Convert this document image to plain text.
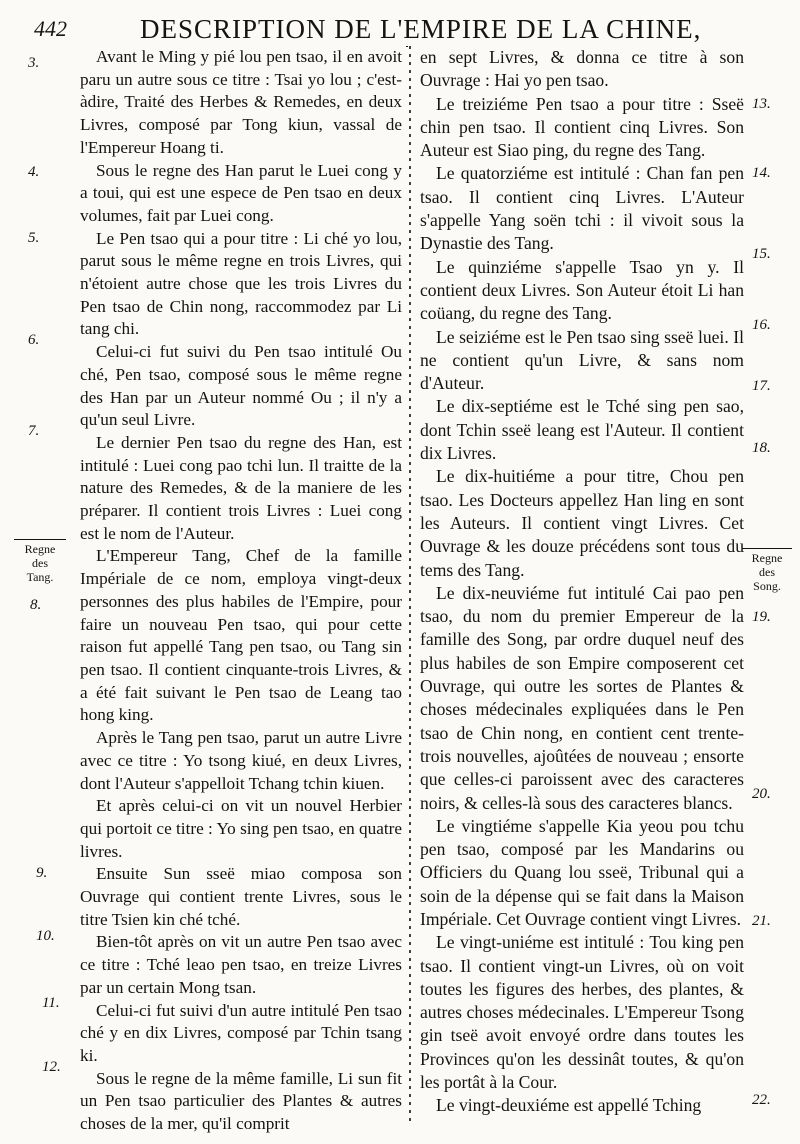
442	DESCRIPTION DE L'EMPIRE DE LA CHINE,
3.
4.
5.
6.
7.
Regne
des
Tang.
8.
9.
10.
11.
12.
13.
14.
15.
16.
17.
18.
Regne
des
Song.
19.
20.
21.
22.

Avant le Ming y pié lou pen tsao, il en avoit paru un autre sous ce titre : Tsai yo lou ; c'est-àdire, Traité des Herbes & Remedes, en deux Livres, composé par Tong kiun, vassal de l'Empereur Hoang ti.

Sous le regne des Han parut le Luei cong y a toui, qui est une espece de Pen tsao en deux volumes, fait par Luei cong.

Le Pen tsao qui a pour titre : Li ché yo lou, parut sous le même regne en trois Livres, qui n'étoient autre chose que les trois Livres du Pen tsao de Chin nong, raccommodez par Li tang chi.

Celui-ci fut suivi du Pen tsao intitulé Ou ché, Pen tsao, composé sous le même regne des Han par un Auteur nommé Ou ; il n'y a qu'un seul Livre.

Le dernier Pen tsao du regne des Han, est intitulé : Luei cong pao tchi lun. Il traitte de la nature des Remedes, & de la maniere de les préparer. Il contient trois Livres : Luei cong est le nom de l'Auteur.

L'Empereur Tang, Chef de la famille Impériale de ce nom, employa vingt-deux personnes des plus habiles de l'Empire, pour faire un nouveau Pen tsao, qui pour cette raison fut appellé Tang pen tsao, ou Tang sin pen tsao. Il contient cinquante-trois Livres, & a été fait suivant le Pen tsao de Leang tao hong king.

Après le Tang pen tsao, parut un autre Livre avec ce titre : Yo tsong kiué, en deux Livres, dont l'Auteur s'appelloit Tchang tchin kiuen.

Et après celui-ci on vit un nouvel Herbier qui portoit ce titre : Yo sing pen tsao, en quatre livres.

Ensuite Sun sseë miao composa son Ouvrage qui contient trente Livres, sous le titre Tsien kin ché tché.

Bien-tôt après on vit un autre Pen tsao avec ce titre : Tché leao pen tsao, en treize Livres par un certain Mong tsan.

Celui-ci fut suivi d'un autre intitulé Pen tsao ché y en dix Livres, composé par Tchin tsang ki.

Sous le regne de la même famille, Li sun fit un Pen tsao particulier des Plantes & autres choses de la mer, qu'il comprit

en sept Livres, & donna ce titre à son Ouvrage : Hai yo pen tsao.

Le treiziéme Pen tsao a pour titre : Sseë chin pen tsao. Il contient cinq Livres. Son Auteur est Siao ping, du regne des Tang.

Le quatorziéme est intitulé : Chan fan pen tsao. Il contient cinq Livres. L'Auteur s'appelle Yang soën tchi : il vivoit sous la Dynastie des Tang.

Le quinziéme s'appelle Tsao yn y. Il contient deux Livres. Son Auteur étoit Li han coüang, du regne des Tang.

Le seiziéme est le Pen tsao sing sseë luei. Il ne contient qu'un Livre, & sans nom d'Auteur.

Le dix-septiéme est le Tché sing pen sao, dont Tchin sseë leang est l'Auteur. Il contient dix Livres.

Le dix-huitiéme a pour titre, Chou pen tsao. Les Docteurs appellez Han ling en sont les Auteurs. Il contient vingt Livres. Cet Ouvrage & les douze précédens sont tous du tems des Tang.

Le dix-neuviéme fut intitulé Cai pao pen tsao, du nom du premier Empereur de la famille des Song, par ordre duquel neuf des plus habiles de son Empire composerent cet Ouvrage, qui outre les sortes de Plantes & choses médecinales expliquées dans le Pen tsao de Chin nong, en contient cent trente-trois nouvelles, ajoûtées de nouveau ; ensorte que celles-ci paroissent avec des caracteres noirs, & celles-là sous des caracteres blancs.

Le vingtiéme s'appelle Kia yeou pou tchu pen tsao, composé par les Mandarins ou Officiers du Quang lou sseë, Tribunal qui a soin de la dépense qui se fait dans la Maison Impériale. Cet Ouvrage contient vingt Livres.

Le vingt-uniéme est intitulé : Tou king pen tsao. Il contient vingt-un Livres, où on voit toutes les figures des herbes, des plantes, & autres choses médecinales. L'Empereur Tsong gin tseë avoit envoyé ordre dans toutes les Provinces qu'on les dessinât toutes, & qu'on les portât à la Cour.

Le vingt-deuxiéme est appellé Tching
